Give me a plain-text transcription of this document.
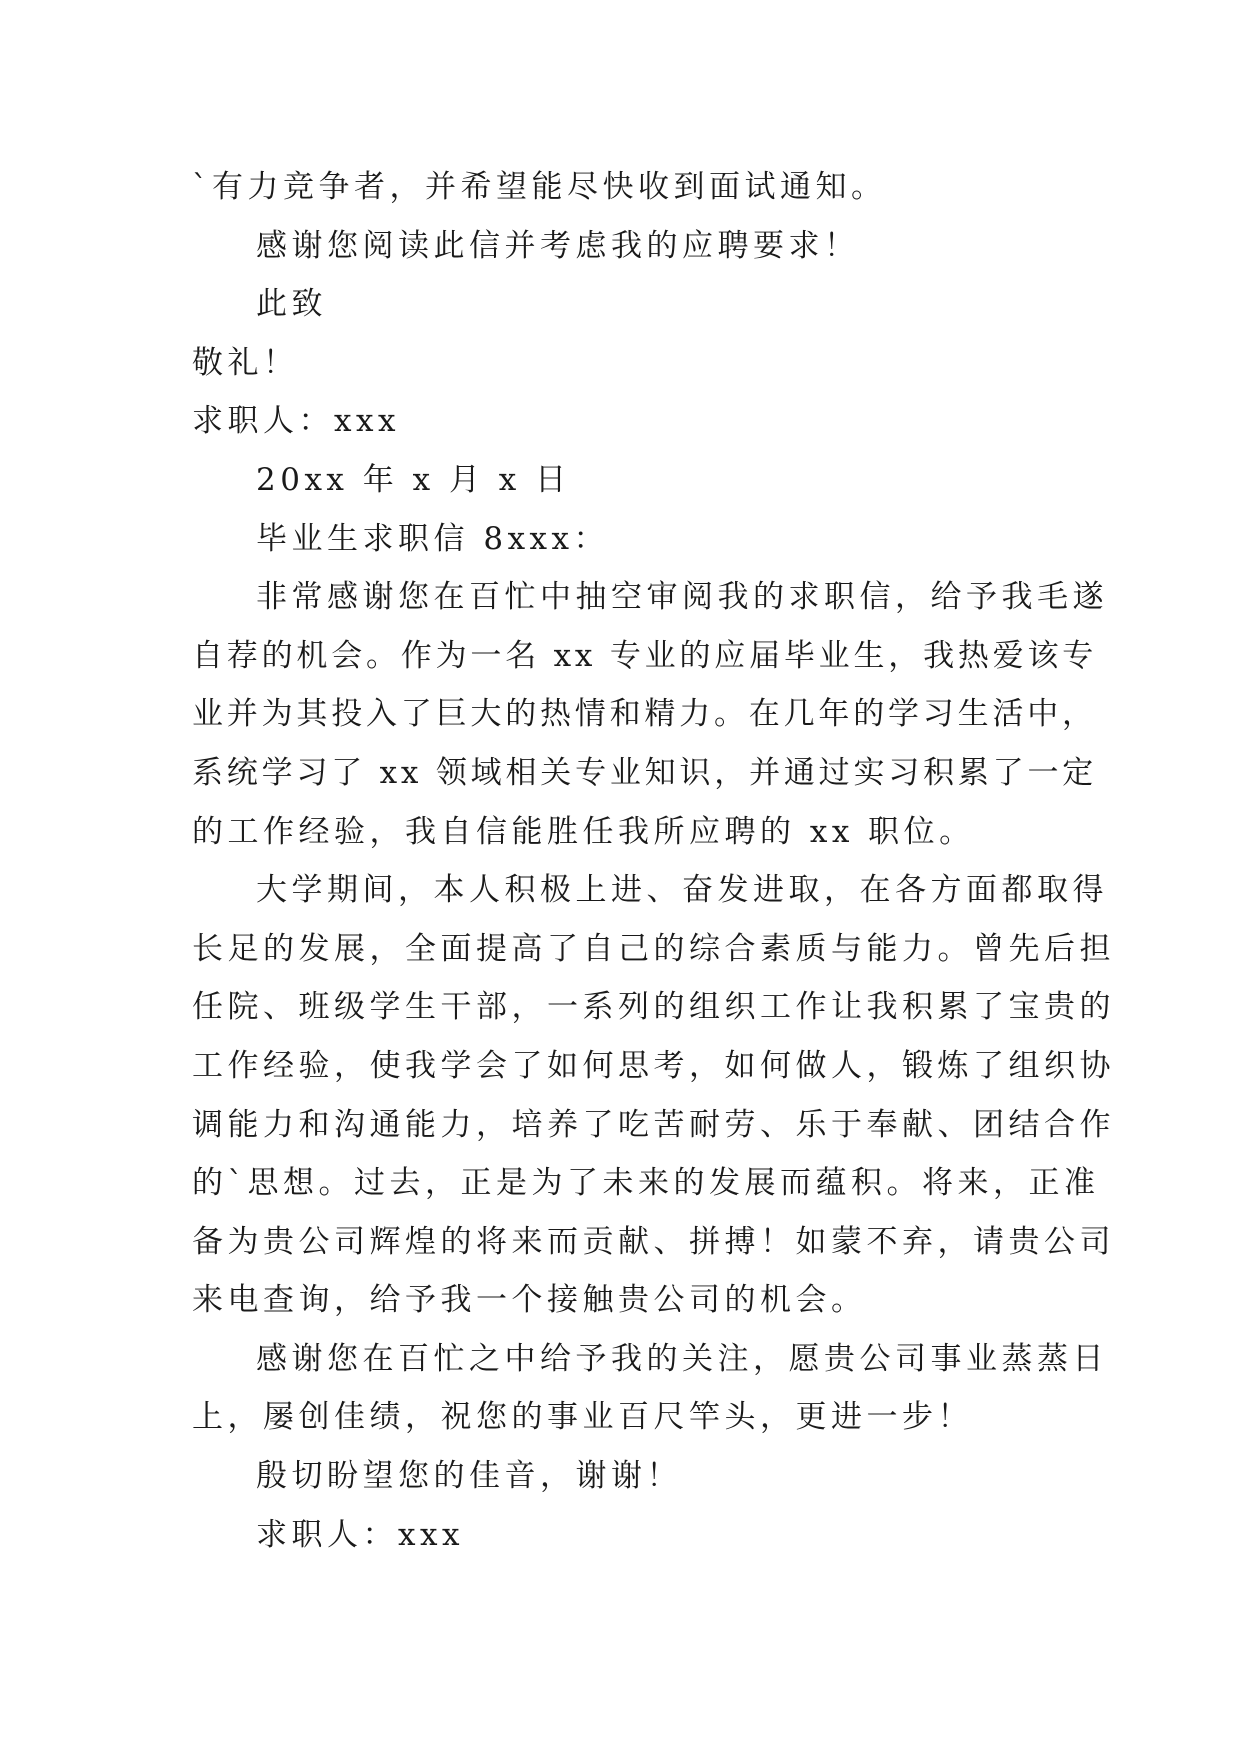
`有力竞争者，并希望能尽快收到面试通知。
感谢您阅读此信并考虑我的应聘要求！
此致
敬礼！
求职人：xxx
20xx 年 x 月 x 日
毕业生求职信 8xxx：
非常感谢您在百忙中抽空审阅我的求职信，给予我毛遂
自荐的机会。作为一名 xx 专业的应届毕业生，我热爱该专
业并为其投入了巨大的热情和精力。在几年的学习生活中，
系统学习了 xx 领域相关专业知识，并通过实习积累了一定
的工作经验，我自信能胜任我所应聘的 xx 职位。
大学期间，本人积极上进、奋发进取，在各方面都取得
长足的发展，全面提高了自己的综合素质与能力。曾先后担
任院、班级学生干部，一系列的组织工作让我积累了宝贵的
工作经验，使我学会了如何思考，如何做人，锻炼了组织协
调能力和沟通能力，培养了吃苦耐劳、乐于奉献、团结合作
的`思想。过去，正是为了未来的发展而蕴积。将来，正准
备为贵公司辉煌的将来而贡献、拼搏！如蒙不弃，请贵公司
来电查询，给予我一个接触贵公司的机会。
感谢您在百忙之中给予我的关注，愿贵公司事业蒸蒸日
上，屡创佳绩，祝您的事业百尺竿头，更进一步！
殷切盼望您的佳音，谢谢！
求职人：xxx
